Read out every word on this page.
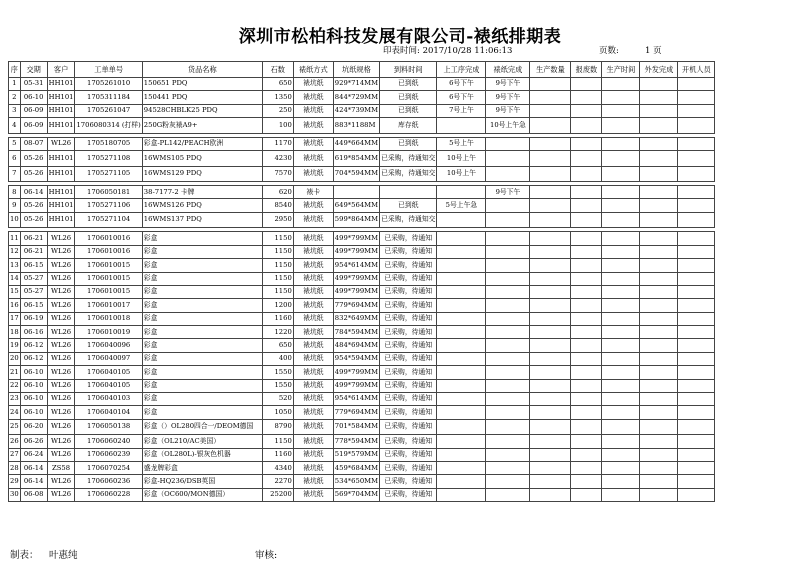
深圳市松柏科技发展有限公司-裱纸排期表
印表时间: 2017/10/28 11:06:13	页数:	1 页
序	交期	客户	工单单号	货品名称	石数	裱纸方式	坑纸规格	到料时间	上工序完成	裱纸完成	生产数量	报废数	生产时间	外发完成	开机人员
1	05-31	HH101	1705261010	150651 PDQ	650	裱坑纸	929*714MM	已到纸	6号下午	9号下午					
2	06-10	HH101	1705311184	150441 PDQ	1350	裱坑纸	844*729MM	已到纸	6号下午	9号下午					
3	06-09	HH101	1705261047	94528CHBLK25 PDQ	250	裱坑纸	424*739MM	已到纸	7号上午	9号下午					
4	06-09	HH101	1706080314 (打样)	250G粉灰裱A9+	100	裱坑纸	883*1188M	库存纸		10号上午急					

5	08-07	WL26	1705180705	彩盒-PL142/PEACH欧洲	1170	裱坑纸	449*664MM	已到纸	5号上午						
6	05-26	HH101	1705271108	16WMS105 PDQ	4230	裱坑纸	619*854MM	已采购，待通知交	10号上午						
7	05-26	HH101	1705271105	16WMS129 PDQ	7570	裱坑纸	704*594MM	已采购，待通知交	10号上午						

8	06-14	HH101	1706050181	38-7177-2 卡牌	620	裱卡				9号下午					
9	05-26	HH101	1705271106	16WMS126 PDQ	8540	裱坑纸	649*564MM	已到纸	5号上午急						
10	05-26	HH101	1705271104	16WMS137 PDQ	2950	裱坑纸	599*864MM	已采购，待通知交							

11	06-21	WL26	1706010016	彩盒	1150	裱坑纸	499*799MM	已采购，待通知							
12	06-21	WL26	1706010016	彩盒	1150	裱坑纸	499*799MM	已采购，待通知							
13	06-15	WL26	1706010015	彩盒	1150	裱坑纸	954*614MM	已采购，待通知							
14	05-27	WL26	1706010015	彩盒	1150	裱坑纸	499*799MM	已采购，待通知							
15	05-27	WL26	1706010015	彩盒	1150	裱坑纸	499*799MM	已采购，待通知							
16	06-15	WL26	1706010017	彩盒	1200	裱坑纸	779*694MM	已采购，待通知							
17	06-19	WL26	1706010018	彩盒	1160	裱坑纸	832*649MM	已采购，待通知							
18	06-16	WL26	1706010019	彩盒	1220	裱坑纸	784*594MM	已采购，待通知							
19	06-12	WL26	1706040096	彩盒	650	裱坑纸	484*694MM	已采购，待通知							
20	06-12	WL26	1706040097	彩盒	400	裱坑纸	954*594MM	已采购，待通知							
21	06-10	WL26	1706040105	彩盒	1550	裱坑纸	499*799MM	已采购，待通知							
22	06-10	WL26	1706040105	彩盒	1550	裱坑纸	499*799MM	已采购，待通知							
23	06-10	WL26	1706040103	彩盒	520	裱坑纸	954*614MM	已采购，待通知							
24	06-10	WL26	1706040104	彩盒	1050	裱坑纸	779*694MM	已采购，待通知							
25	06-20	WL26	1706050138	彩盒（）OL280四合一/DEOM德国	8790	裱坑纸	701*584MM	已采购，待通知							
26	06-26	WL26	1706060240	彩盒（OL210/AC美国）	1150	裱坑纸	778*594MM	已采购，待通知							
27	06-24	WL26	1706060239	彩盒（OL280L)-银灰色机器	1160	裱坑纸	519*579MM	已采购，待通知							
28	06-14	ZS58	1706070254	盛龙牌彩盒	4340	裱坑纸	459*684MM	已采购，待通知							
29	06-14	WL26	1706060236	彩盒-HQ236/DSB英国	2270	裱坑纸	534*650MM	已采购，待通知							
30	06-08	WL26	1706060228	彩盒（OC600/MON德国）	25200	裱坑纸	569*704MM	已采购，待通知							
制表： 叶惠纯	审核:
